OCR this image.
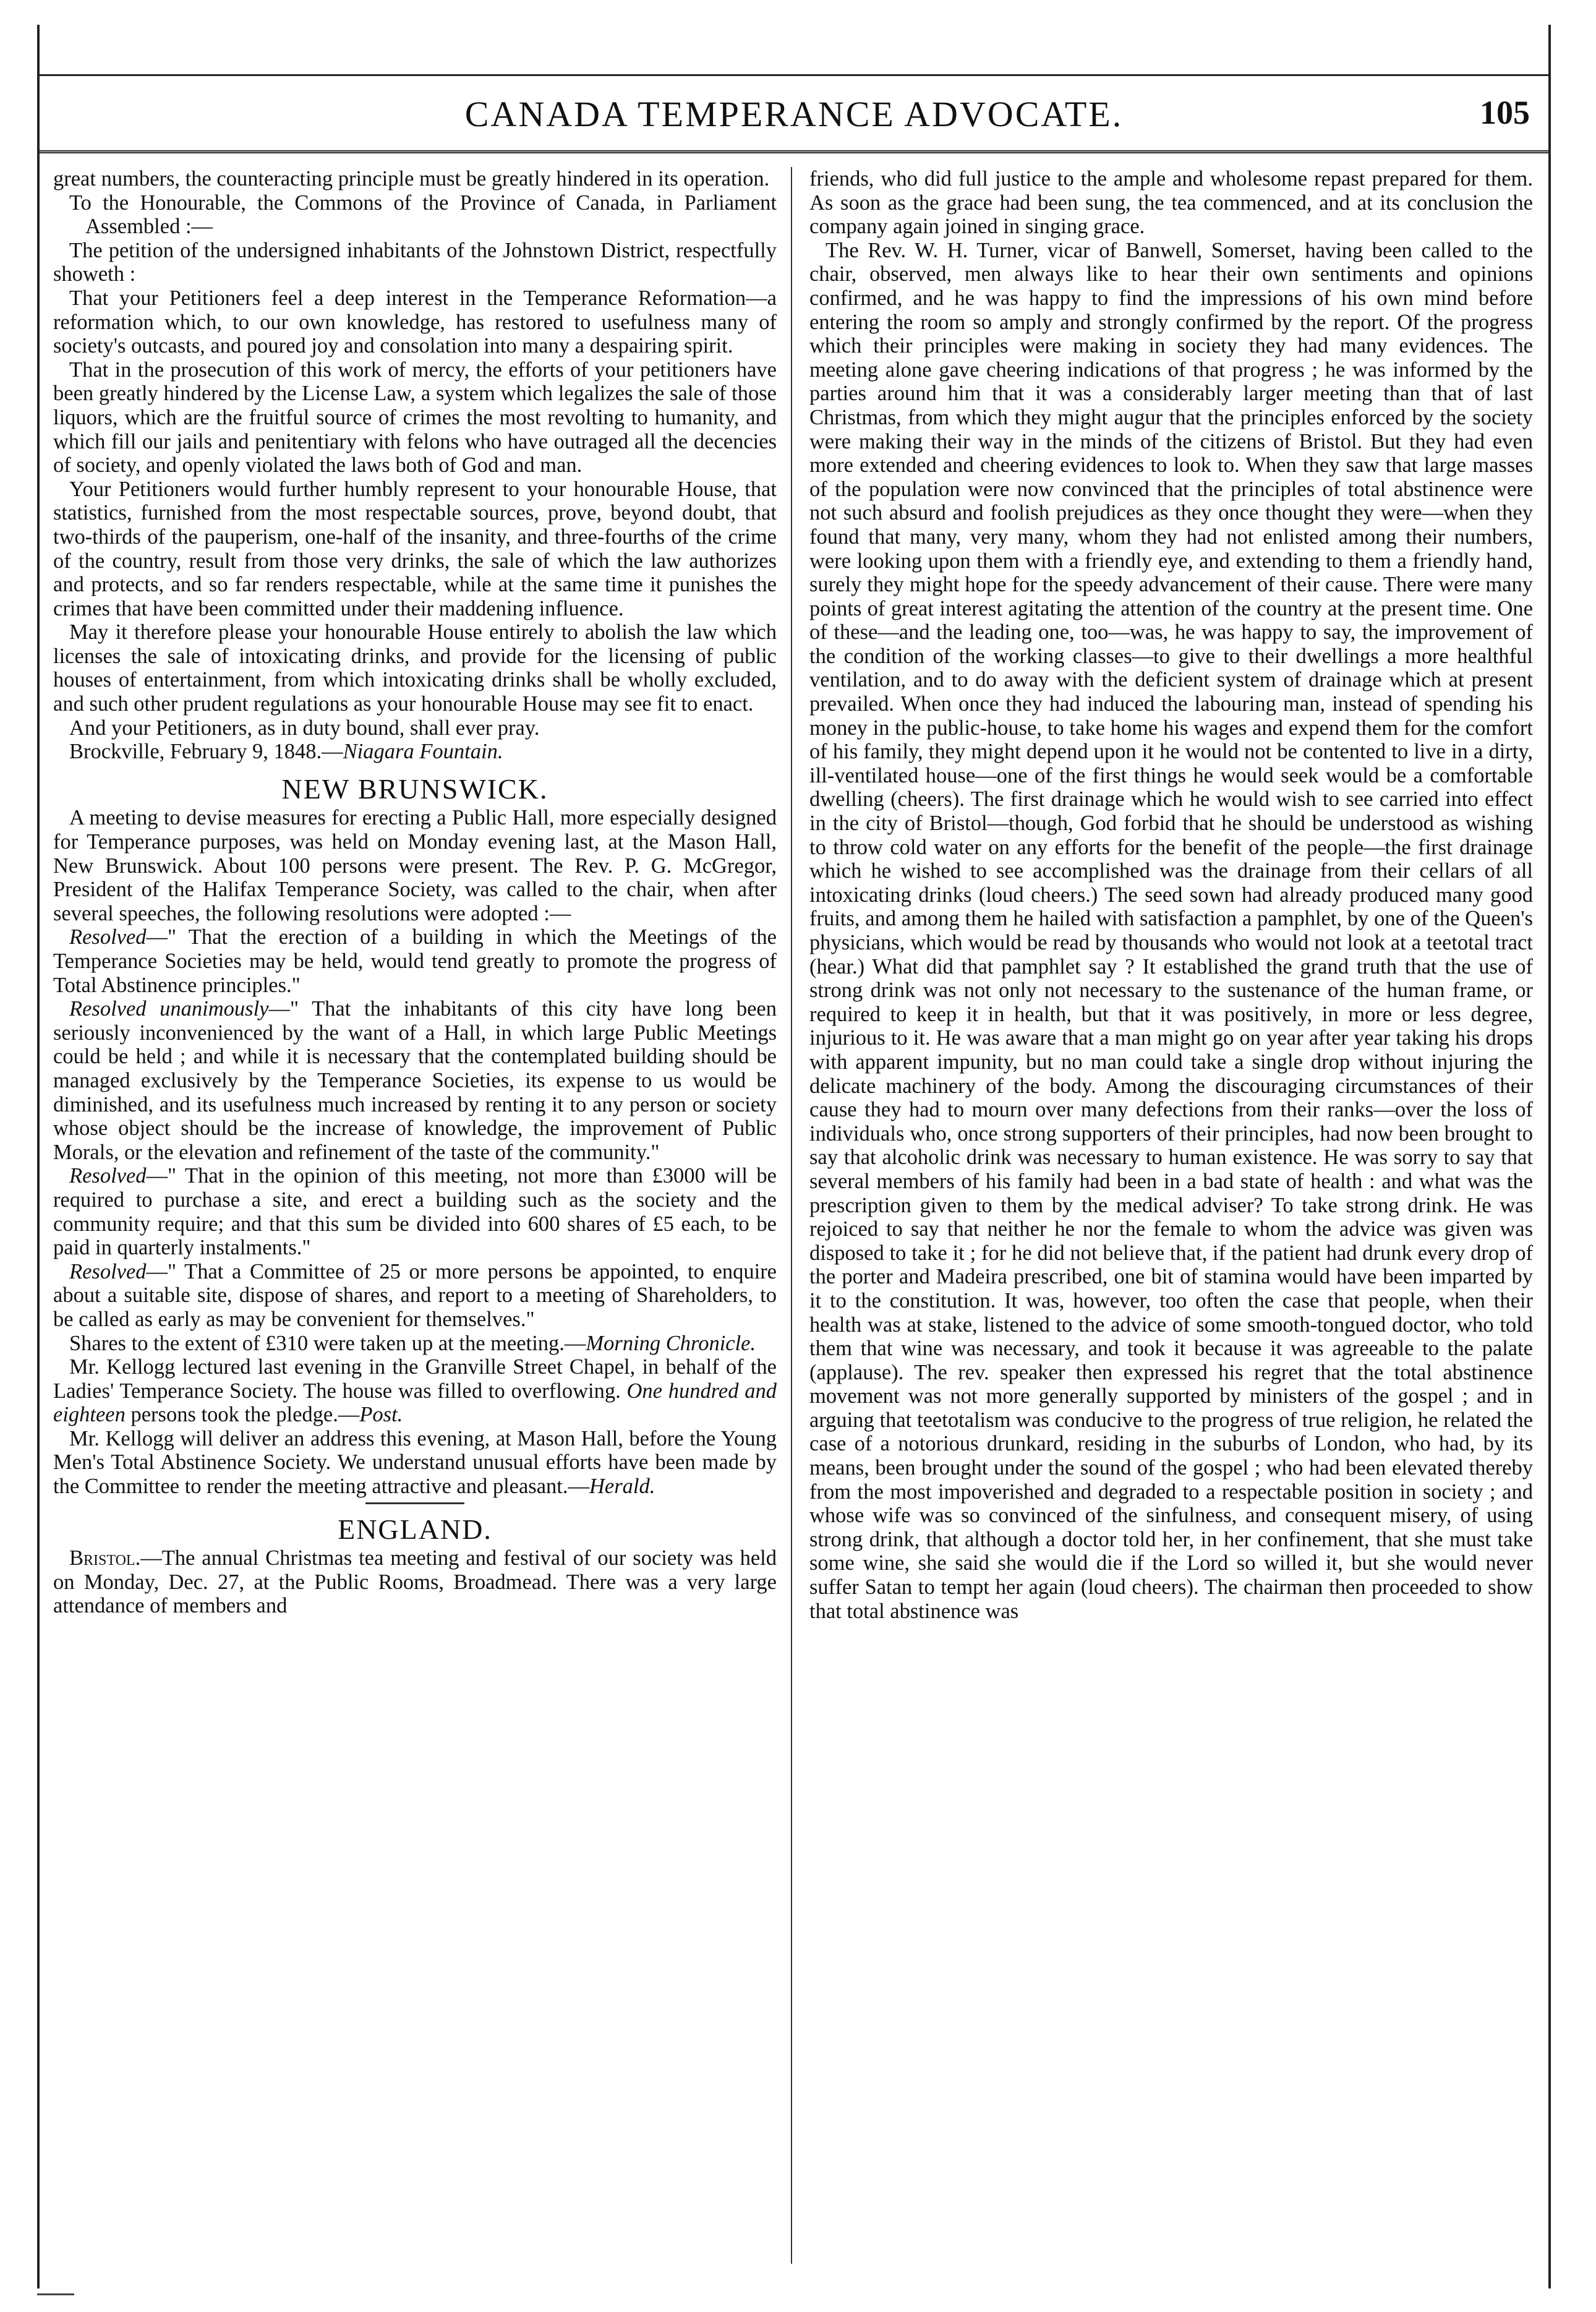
CANADA TEMPERANCE ADVOCATE.	105

great numbers, the counteracting principle must be greatly hindered in its operation.

To the Honourable, the Commons of the Province of Canada, in Parliament Assembled :—

The petition of the undersigned inhabitants of the Johnstown District, respectfully showeth :

That your Petitioners feel a deep interest in the Temperance Reformation—a reformation which, to our own knowledge, has restored to usefulness many of society's outcasts, and poured joy and consolation into many a despairing spirit.

That in the prosecution of this work of mercy, the efforts of your petitioners have been greatly hindered by the License Law, a system which legalizes the sale of those liquors, which are the fruitful source of crimes the most revolting to humanity, and which fill our jails and penitentiary with felons who have outraged all the decencies of society, and openly violated the laws both of God and man.

Your Petitioners would further humbly represent to your honourable House, that statistics, furnished from the most respectable sources, prove, beyond doubt, that two-thirds of the pauperism, one-half of the insanity, and three-fourths of the crime of the country, result from those very drinks, the sale of which the law authorizes and protects, and so far renders respectable, while at the same time it punishes the crimes that have been committed under their maddening influence.

May it therefore please your honourable House entirely to abolish the law which licenses the sale of intoxicating drinks, and provide for the licensing of public houses of entertainment, from which intoxicating drinks shall be wholly excluded, and such other prudent regulations as your honourable House may see fit to enact.

And your Petitioners, as in duty bound, shall ever pray.

Brockville, February 9, 1848.—Niagara Fountain.

NEW BRUNSWICK.

A meeting to devise measures for erecting a Public Hall, more especially designed for Temperance purposes, was held on Monday evening last, at the Mason Hall, New Brunswick. About 100 persons were present. The Rev. P. G. McGregor, President of the Halifax Temperance Society, was called to the chair, when after several speeches, the following resolutions were adopted :—

Resolved—" That the erection of a building in which the Meetings of the Temperance Societies may be held, would tend greatly to promote the progress of Total Abstinence principles."

Resolved unanimously—" That the inhabitants of this city have long been seriously inconvenienced by the want of a Hall, in which large Public Meetings could be held ; and while it is necessary that the contemplated building should be managed exclusively by the Temperance Societies, its expense to us would be diminished, and its usefulness much increased by renting it to any person or society whose object should be the increase of knowledge, the improvement of Public Morals, or the elevation and refinement of the taste of the community."

Resolved—" That in the opinion of this meeting, not more than £3000 will be required to purchase a site, and erect a building such as the society and the community require; and that this sum be divided into 600 shares of £5 each, to be paid in quarterly instalments."

Resolved—" That a Committee of 25 or more persons be appointed, to enquire about a suitable site, dispose of shares, and report to a meeting of Shareholders, to be called as early as may be convenient for themselves."

Shares to the extent of £310 were taken up at the meeting.—Morning Chronicle.

Mr. Kellogg lectured last evening in the Granville Street Chapel, in behalf of the Ladies' Temperance Society. The house was filled to overflowing. One hundred and eighteen persons took the pledge.—Post.

Mr. Kellogg will deliver an address this evening, at Mason Hall, before the Young Men's Total Abstinence Society. We understand unusual efforts have been made by the Committee to render the meeting attractive and pleasant.—Herald.

ENGLAND.

Bristol.—The annual Christmas tea meeting and festival of our society was held on Monday, Dec. 27, at the Public Rooms, Broadmead. There was a very large attendance of members and

friends, who did full justice to the ample and wholesome repast prepared for them. As soon as the grace had been sung, the tea commenced, and at its conclusion the company again joined in singing grace.

The Rev. W. H. Turner, vicar of Banwell, Somerset, having been called to the chair, observed, men always like to hear their own sentiments and opinions confirmed, and he was happy to find the impressions of his own mind before entering the room so amply and strongly confirmed by the report. Of the progress which their principles were making in society they had many evidences. The meeting alone gave cheering indications of that progress ; he was informed by the parties around him that it was a considerably larger meeting than that of last Christmas, from which they might augur that the principles enforced by the society were making their way in the minds of the citizens of Bristol. But they had even more extended and cheering evidences to look to. When they saw that large masses of the population were now convinced that the principles of total abstinence were not such absurd and foolish prejudices as they once thought they were—when they found that many, very many, whom they had not enlisted among their numbers, were looking upon them with a friendly eye, and extending to them a friendly hand, surely they might hope for the speedy advancement of their cause. There were many points of great interest agitating the attention of the country at the present time. One of these—and the leading one, too—was, he was happy to say, the improvement of the condition of the working classes—to give to their dwellings a more healthful ventilation, and to do away with the deficient system of drainage which at present prevailed. When once they had induced the labouring man, instead of spending his money in the public-house, to take home his wages and expend them for the comfort of his family, they might depend upon it he would not be contented to live in a dirty, ill-ventilated house—one of the first things he would seek would be a comfortable dwelling (cheers). The first drainage which he would wish to see carried into effect in the city of Bristol—though, God forbid that he should be understood as wishing to throw cold water on any efforts for the benefit of the people—the first drainage which he wished to see accomplished was the drainage from their cellars of all intoxicating drinks (loud cheers.) The seed sown had already produced many good fruits, and among them he hailed with satisfaction a pamphlet, by one of the Queen's physicians, which would be read by thousands who would not look at a teetotal tract (hear.) What did that pamphlet say ? It established the grand truth that the use of strong drink was not only not necessary to the sustenance of the human frame, or required to keep it in health, but that it was positively, in more or less degree, injurious to it. He was aware that a man might go on year after year taking his drops with apparent impunity, but no man could take a single drop without injuring the delicate machinery of the body. Among the discouraging circumstances of their cause they had to mourn over many defections from their ranks—over the loss of individuals who, once strong supporters of their principles, had now been brought to say that alcoholic drink was necessary to human existence. He was sorry to say that several members of his family had been in a bad state of health : and what was the prescription given to them by the medical adviser? To take strong drink. He was rejoiced to say that neither he nor the female to whom the advice was given was disposed to take it ; for he did not believe that, if the patient had drunk every drop of the porter and Madeira prescribed, one bit of stamina would have been imparted by it to the constitution. It was, however, too often the case that people, when their health was at stake, listened to the advice of some smooth-tongued doctor, who told them that wine was necessary, and took it because it was agreeable to the palate (applause). The rev. speaker then expressed his regret that the total abstinence movement was not more generally supported by ministers of the gospel ; and in arguing that teetotalism was conducive to the progress of true religion, he related the case of a notorious drunkard, residing in the suburbs of London, who had, by its means, been brought under the sound of the gospel ; who had been elevated thereby from the most impoverished and degraded to a respectable position in society ; and whose wife was so convinced of the sinfulness, and consequent misery, of using strong drink, that although a doctor told her, in her confinement, that she must take some wine, she said she would die if the Lord so willed it, but she would never suffer Satan to tempt her again (loud cheers). The chairman then proceeded to show that total abstinence was
